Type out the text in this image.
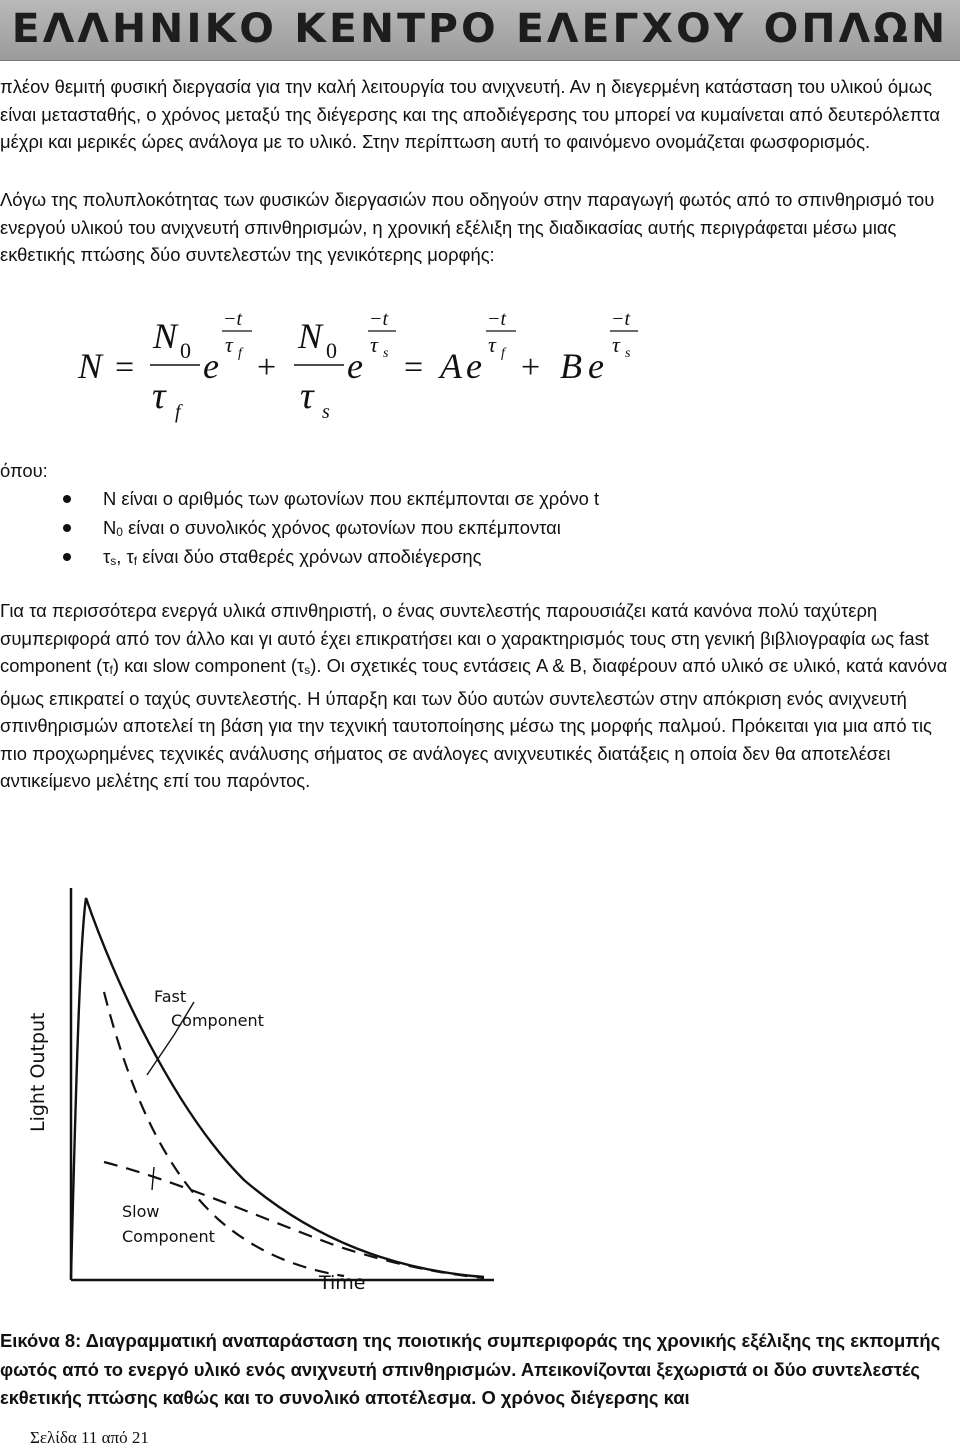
ΕΛΛΗΝΙΚΟ ΚΕΝΤΡΟ ΕΛΕΓΧΟΥ ΟΠΛΩΝ

πλέον θεμιτή φυσική διεργασία για την καλή λειτουργία του ανιχνευτή. Αν η διεγερμένη κατάσταση του υλικού όμως είναι μετασταθής, ο χρόνος μεταξύ της διέγερσης και της αποδιέγερσης του μπορεί να κυμαίνεται από δευτερόλεπτα μέχρι και μερικές ώρες ανάλογα με το υλικό. Στην περίπτωση αυτή το φαινόμενο ονομάζεται φωσφορισμός.

Λόγω της πολυπλοκότητας των φυσικών διεργασιών που οδηγούν στην παραγωγή φωτός από το σπινθηρισμό του ενεργού υλικού του ανιχνευτή σπινθηρισμών, η χρονική εξέλιξη της διαδικασίας αυτής περιγράφεται μέσω μιας εκθετικής πτώσης δύο συντελεστών της γενικότερης μορφής:

N =
N 0
τ f
e
−t
τ f +
N 0
τ s
e
−t
τ s = A e
−t
τ f + B e
−t
τ s
όπου:
N είναι ο αριθμός των φωτονίων που εκπέμπονται σε χρόνο t
N0 είναι ο συνολικός χρόνος φωτονίων που εκπέμπονται
τs, τf είναι δύο σταθερές χρόνων αποδιέγερσης

Για τα περισσότερα ενεργά υλικά σπινθηριστή, ο ένας συντελεστής παρουσιάζει κατά κανόνα πολύ ταχύτερη συμπεριφορά από τον άλλο και γι αυτό έχει επικρατήσει και ο χαρακτηρισμός τους στη γενική βιβλιογραφία ως fast component (τf) και slow component (τs). Οι σχετικές τους εντάσεις A & B, διαφέρουν από υλικό σε υλικό, κατά κανόνα όμως επικρατεί ο ταχύς συντελεστής. Η ύπαρξη και των δύο αυτών συντελεστών στην απόκριση ενός ανιχνευτή σπινθηρισμών αποτελεί τη βάση για την τεχνική ταυτοποίησης μέσω της μορφής παλμού. Πρόκειται για μια από τις πιο προχωρημένες τεχνικές ανάλυσης σήματος σε ανάλογες ανιχνευτικές διατάξεις η οποία δεν θα αποτελέσει αντικείμενο μελέτης επί του παρόντος.

Fast
Component
Slow
Component
Time
Light Output

Εικόνα 8: Διαγραμματική αναπαράσταση της ποιοτικής συμπεριφοράς της χρονικής εξέλιξης της εκπομπής φωτός από το ενεργό υλικό ενός ανιχνευτή σπινθηρισμών. Απεικονίζονται ξεχωριστά οι δύο συντελεστές εκθετικής πτώσης καθώς και το συνολικό αποτέλεσμα. Ο χρόνος διέγερσης και

Σελίδα 11 από 21
